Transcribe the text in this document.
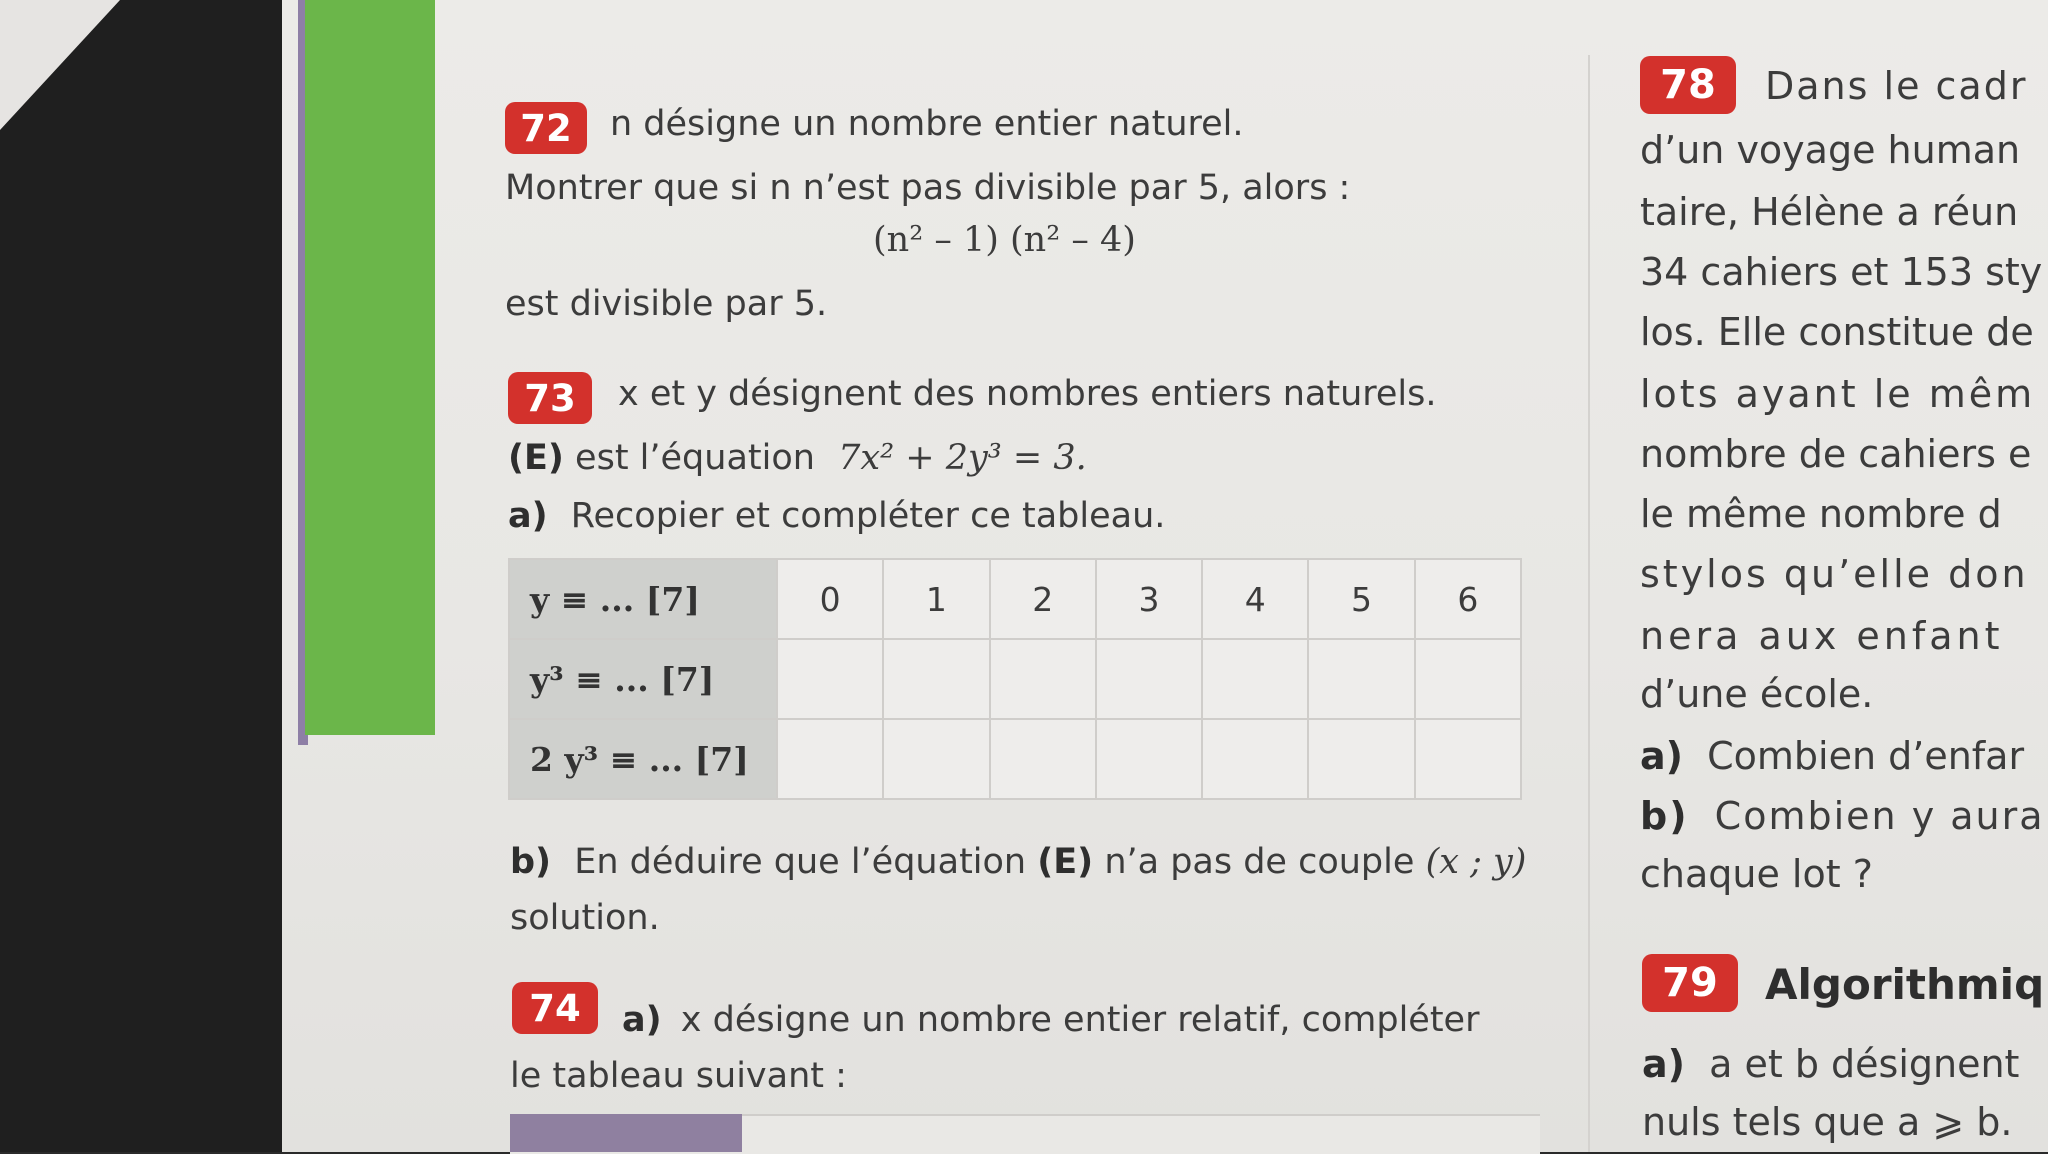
72 n désigne un nombre entier naturel.
Montrer que si n n’est pas divisible par 5, alors :
(n² – 1) (n² – 4)
est divisible par 5.
73 x et y désignent des nombres entiers naturels.
(E) est l’équation 7x² + 2y³ = 3.
a) Recopier et compléter ce tableau.
y ≡ ... [7]	0	1	2	3	4	5	6
y³ ≡ ... [7]							
2 y³ ≡ ... [7]							
b) En déduire que l’équation (E) n’a pas de couple (x ; y)
solution.
74 a) x désigne un nombre entier relatif, compléter
le tableau suivant :
78 Dans le cadr
d’un voyage human
taire, Hélène a réun
34 cahiers et 153 sty
los. Elle constitue de
lots ayant le mêm
nombre de cahiers e
le même nombre d
stylos qu’elle don
nera aux enfant
d’une école.
a) Combien d’enfar
b) Combien y aura
chaque lot ?
79 Algorithmiq
a) a et b désignent
nuls tels que a ⩾ b.
